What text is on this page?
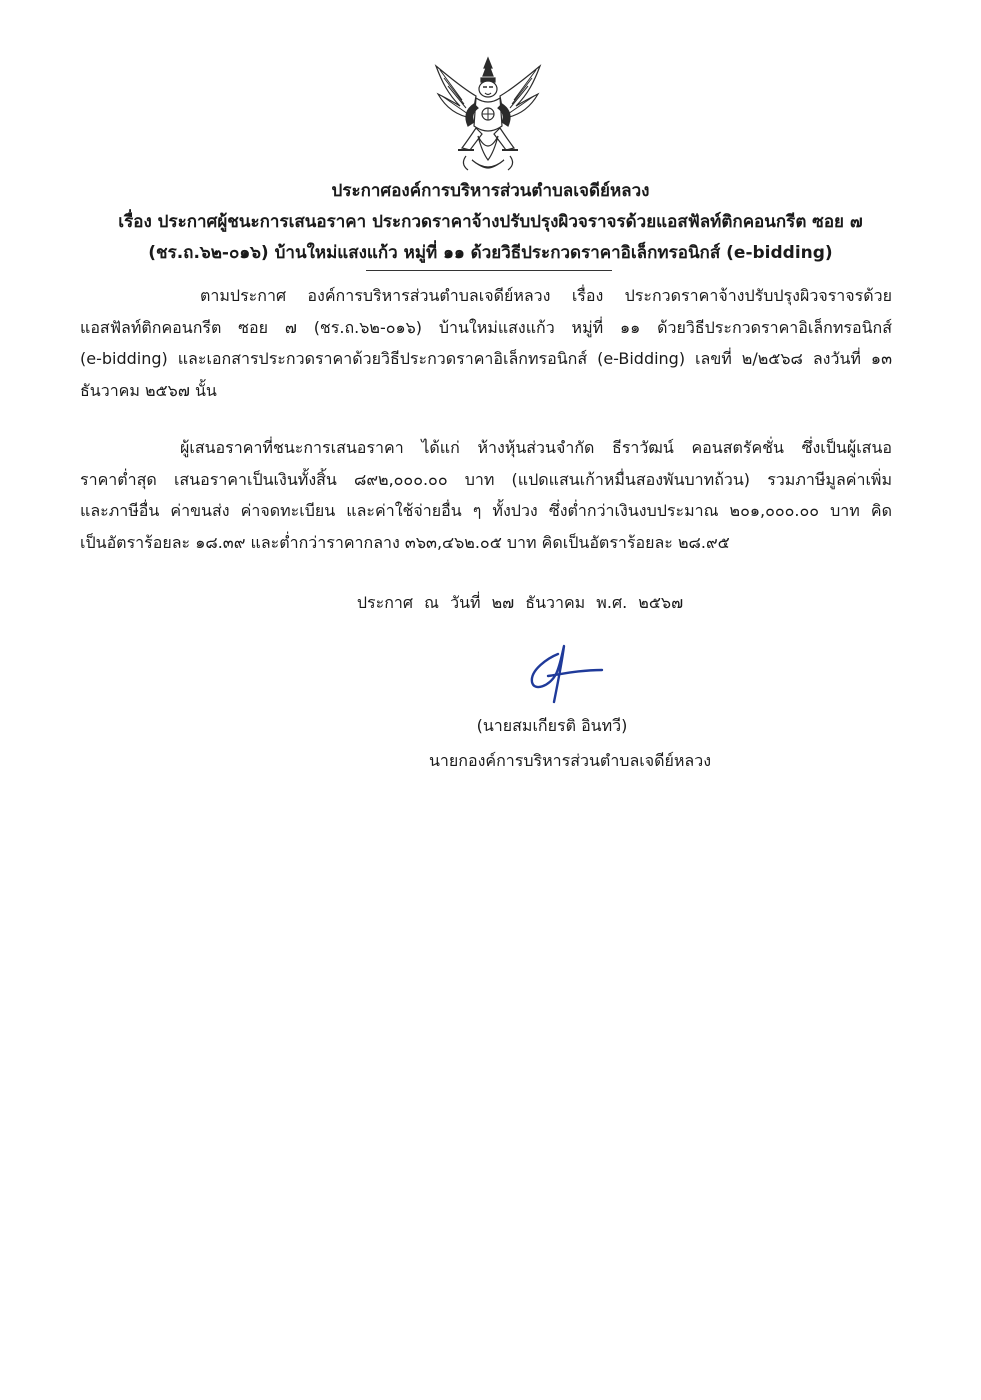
ประกาศองค์การบริหารส่วนตำบลเจดีย์หลวง
เรื่อง ประกาศผู้ชนะการเสนอราคา ประกวดราคาจ้างปรับปรุงผิวจราจรด้วยแอสฟัลท์ติกคอนกรีต ซอย ๗
(ชร.ถ.๖๒-๐๑๖) บ้านใหม่แสงแก้ว หมู่ที่ ๑๑ ด้วยวิธีประกวดราคาอิเล็กทรอนิกส์ (e-bidding)
ตามประกาศ องค์การบริหารส่วนตำบลเจดีย์หลวง เรื่อง ประกวดราคาจ้างปรับปรุงผิวจราจรด้วย
แอสฟัลท์ติกคอนกรีต ซอย ๗ (ชร.ถ.๖๒-๐๑๖) บ้านใหม่แสงแก้ว หมู่ที่ ๑๑ ด้วยวิธีประกวดราคาอิเล็กทรอนิกส์
(e-bidding) และเอกสารประกวดราคาด้วยวิธีประกวดราคาอิเล็กทรอนิกส์ (e-Bidding) เลขที่ ๒/๒๕๖๘ ลงวันที่ ๑๓
ธันวาคม ๒๕๖๗ นั้น
ผู้เสนอราคาที่ชนะการเสนอราคา ได้แก่ ห้างหุ้นส่วนจำกัด ธีราวัฒน์ คอนสตรัคชั่น ซึ่งเป็นผู้เสนอ
ราคาต่ำสุด เสนอราคาเป็นเงินทั้งสิ้น ๘๙๒,๐๐๐.๐๐ บาท (แปดแสนเก้าหมื่นสองพันบาทถ้วน) รวมภาษีมูลค่าเพิ่ม
และภาษีอื่น ค่าขนส่ง ค่าจดทะเบียน และค่าใช้จ่ายอื่น ๆ ทั้งปวง ซึ่งต่ำกว่าเงินงบประมาณ ๒๐๑,๐๐๐.๐๐ บาท คิด
เป็นอัตราร้อยละ ๑๘.๓๙ และต่ำกว่าราคากลาง ๓๖๓,๔๖๒.๐๕ บาท คิดเป็นอัตราร้อยละ ๒๘.๙๕
ประกาศ ณ วันที่ ๒๗ ธันวาคม พ.ศ. ๒๕๖๗
(นายสมเกียรติ อินทวี)
นายกองค์การบริหารส่วนตำบลเจดีย์หลวง
